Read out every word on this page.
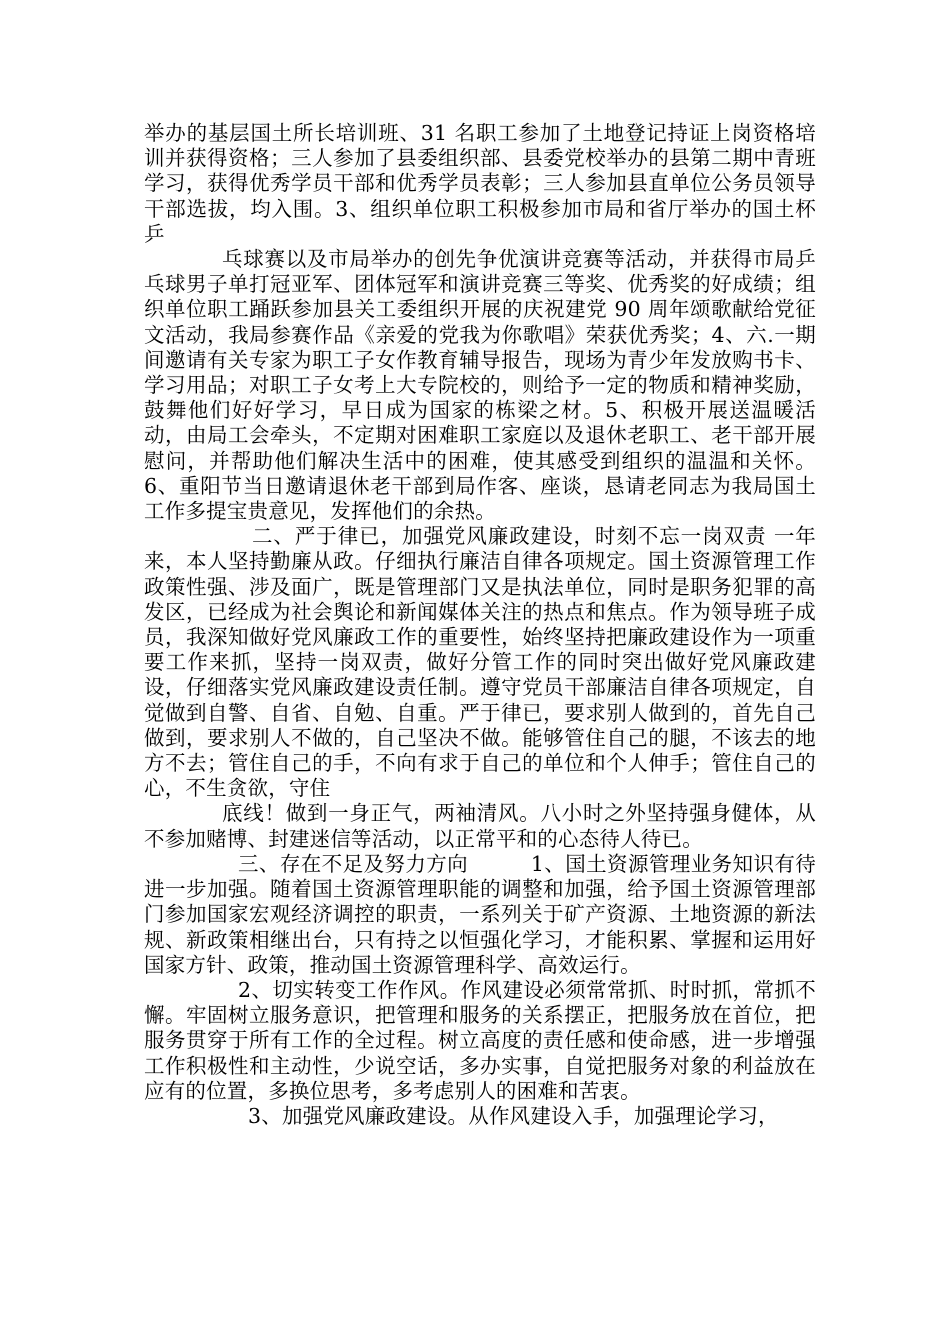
举办的基层国土所长培训班、31 名职工参加了土地登记持证上岗资格培训并获得资格；三人参加了县委组织部、县委党校举办的县第二期中青班学习，获得优秀学员干部和优秀学员表彰；三人参加县直单位公务员领导干部选拔，均入围。3、组织单位职工积极参加市局和省厅举办的国土杯乒

乓球赛以及市局举办的创先争优演讲竞赛等活动，并获得市局乒乓球男子单打冠亚军、团体冠军和演讲竞赛三等奖、优秀奖的好成绩；组织单位职工踊跃参加县关工委组织开展的庆祝建党 90 周年颂歌献给党征文活动，我局参赛作品《亲爱的党我为你歌唱》荣获优秀奖；4、六.一期间邀请有关专家为职工子女作教育辅导报告，现场为青少年发放购书卡、学习用品；对职工子女考上大专院校的，则给予一定的物质和精神奖励，鼓舞他们好好学习，早日成为国家的栋梁之材。5、积极开展送温暖活动，由局工会牵头，不定期对困难职工家庭以及退休老职工、老干部开展慰问，并帮助他们解决生活中的困难，使其感受到组织的温温和关怀。6、重阳节当日邀请退休老干部到局作客、座谈，恳请老同志为我局国土工作多提宝贵意见，发挥他们的余热。

二、严于律已，加强党风廉政建设，时刻不忘一岗双责 一年来，本人坚持勤廉从政。仔细执行廉洁自律各项规定。国土资源管理工作政策性强、涉及面广，既是管理部门又是执法单位，同时是职务犯罪的高发区，已经成为社会舆论和新闻媒体关注的热点和焦点。作为领导班子成员，我深知做好党风廉政工作的重要性，始终坚持把廉政建设作为一项重要工作来抓，坚持一岗双责，做好分管工作的同时突出做好党风廉政建设，仔细落实党风廉政建设责任制。遵守党员干部廉洁自律各项规定，自觉做到自警、自省、自勉、自重。严于律已，要求别人做到的，首先自己做到，要求别人不做的，自己坚决不做。能够管住自己的腿，不该去的地方不去；管住自己的手，不向有求于自己的单位和个人伸手；管住自己的心，不生贪欲，守住

底线！做到一身正气，两袖清风。八小时之外坚持强身健体，从不参加赌博、封建迷信等活动，以正常平和的心态待人待已。

三、存在不足及努力方向　　　1、国土资源管理业务知识有待进一步加强。随着国土资源管理职能的调整和加强，给予国土资源管理部门参加国家宏观经济调控的职责，一系列关于矿产资源、土地资源的新法规、新政策相继出台，只有持之以恒强化学习，才能积累、掌握和运用好国家方针、政策，推动国土资源管理科学、高效运行。

2、切实转变工作作风。作风建设必须常常抓、时时抓，常抓不懈。牢固树立服务意识，把管理和服务的关系摆正，把服务放在首位，把服务贯穿于所有工作的全过程。树立高度的责任感和使命感，进一步增强工作积极性和主动性，少说空话，多办实事，自觉把服务对象的利益放在应有的位置，多换位思考，多考虑别人的困难和苦衷。

3、加强党风廉政建设。从作风建设入手，加强理论学习，
